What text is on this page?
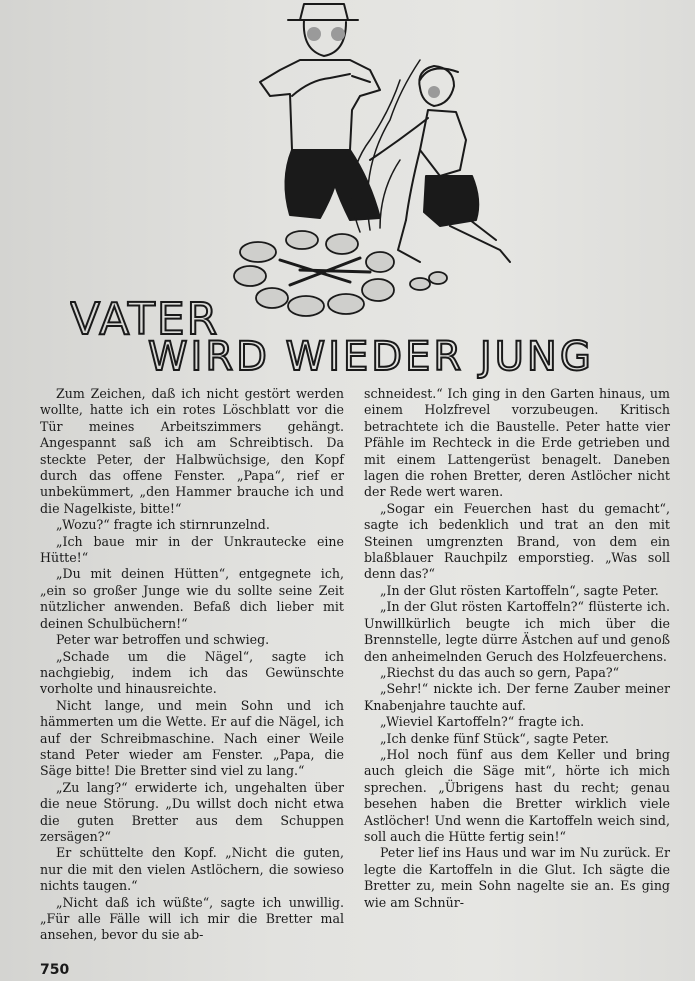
VATER
WIRD WIEDER JUNG

Zum Zeichen, daß ich nicht gestört werden wollte, hatte ich ein rotes Löschblatt vor die Tür meines Arbeitszimmers gehängt. Angespannt saß ich am Schreibtisch. Da steckte Peter, der Halbwüchsige, den Kopf durch das offene Fenster. „Papa“, rief er unbekümmert, „den Hammer brauche ich und die Nagelkiste, bitte!“

„Wozu?“ fragte ich stirnrunzelnd.

„Ich baue mir in der Unkrautecke eine Hütte!“

„Du mit deinen Hütten“, entgegnete ich, „ein so großer Junge wie du sollte seine Zeit nützlicher anwenden. Befaß dich lieber mit deinen Schulbüchern!“

Peter war betroffen und schwieg.

„Schade um die Nägel“, sagte ich nachgiebig, indem ich das Gewünschte vorholte und hinausreichte.

Nicht lange, und mein Sohn und ich hämmerten um die Wette. Er auf die Nägel, ich auf der Schreibmaschine. Nach einer Weile stand Peter wieder am Fenster. „Papa, die Säge bitte! Die Bretter sind viel zu lang.“

„Zu lang?“ erwiderte ich, ungehalten über die neue Störung. „Du willst doch nicht etwa die guten Bretter aus dem Schuppen zersägen?“

Er schüttelte den Kopf. „Nicht die guten, nur die mit den vielen Astlöchern, die sowieso nichts taugen.“

„Nicht daß ich wüßte“, sagte ich unwillig. „Für alle Fälle will ich mir die Bretter mal ansehen, bevor du sie ab-

schneidest.“ Ich ging in den Garten hinaus, um einem Holzfrevel vorzubeugen. Kritisch betrachtete ich die Baustelle. Peter hatte vier Pfähle im Rechteck in die Erde getrieben und mit einem Lattengerüst benagelt. Daneben lagen die rohen Bretter, deren Astlöcher nicht der Rede wert waren.

„Sogar ein Feuerchen hast du gemacht“, sagte ich bedenklich und trat an den mit Steinen umgrenzten Brand, von dem ein blaßblauer Rauchpilz emporstieg. „Was soll denn das?“

„In der Glut rösten Kartoffeln“, sagte Peter.

„In der Glut rösten Kartoffeln?“ flüsterte ich. Unwillkürlich beugte ich mich über die Brennstelle, legte dürre Ästchen auf und genoß den anheimelnden Geruch des Holzfeuerchens.

„Riechst du das auch so gern, Papa?“

„Sehr!“ nickte ich. Der ferne Zauber meiner Knabenjahre tauchte auf.

„Wieviel Kartoffeln?“ fragte ich.

„Ich denke fünf Stück“, sagte Peter.

„Hol noch fünf aus dem Keller und bring auch gleich die Säge mit“, hörte ich mich sprechen. „Übrigens hast du recht; genau besehen haben die Bretter wirklich viele Astlöcher! Und wenn die Kartoffeln weich sind, soll auch die Hütte fertig sein!“

Peter lief ins Haus und war im Nu zurück. Er legte die Kartoffeln in die Glut. Ich sägte die Bretter zu, mein Sohn nagelte sie an. Es ging wie am Schnür-

750
